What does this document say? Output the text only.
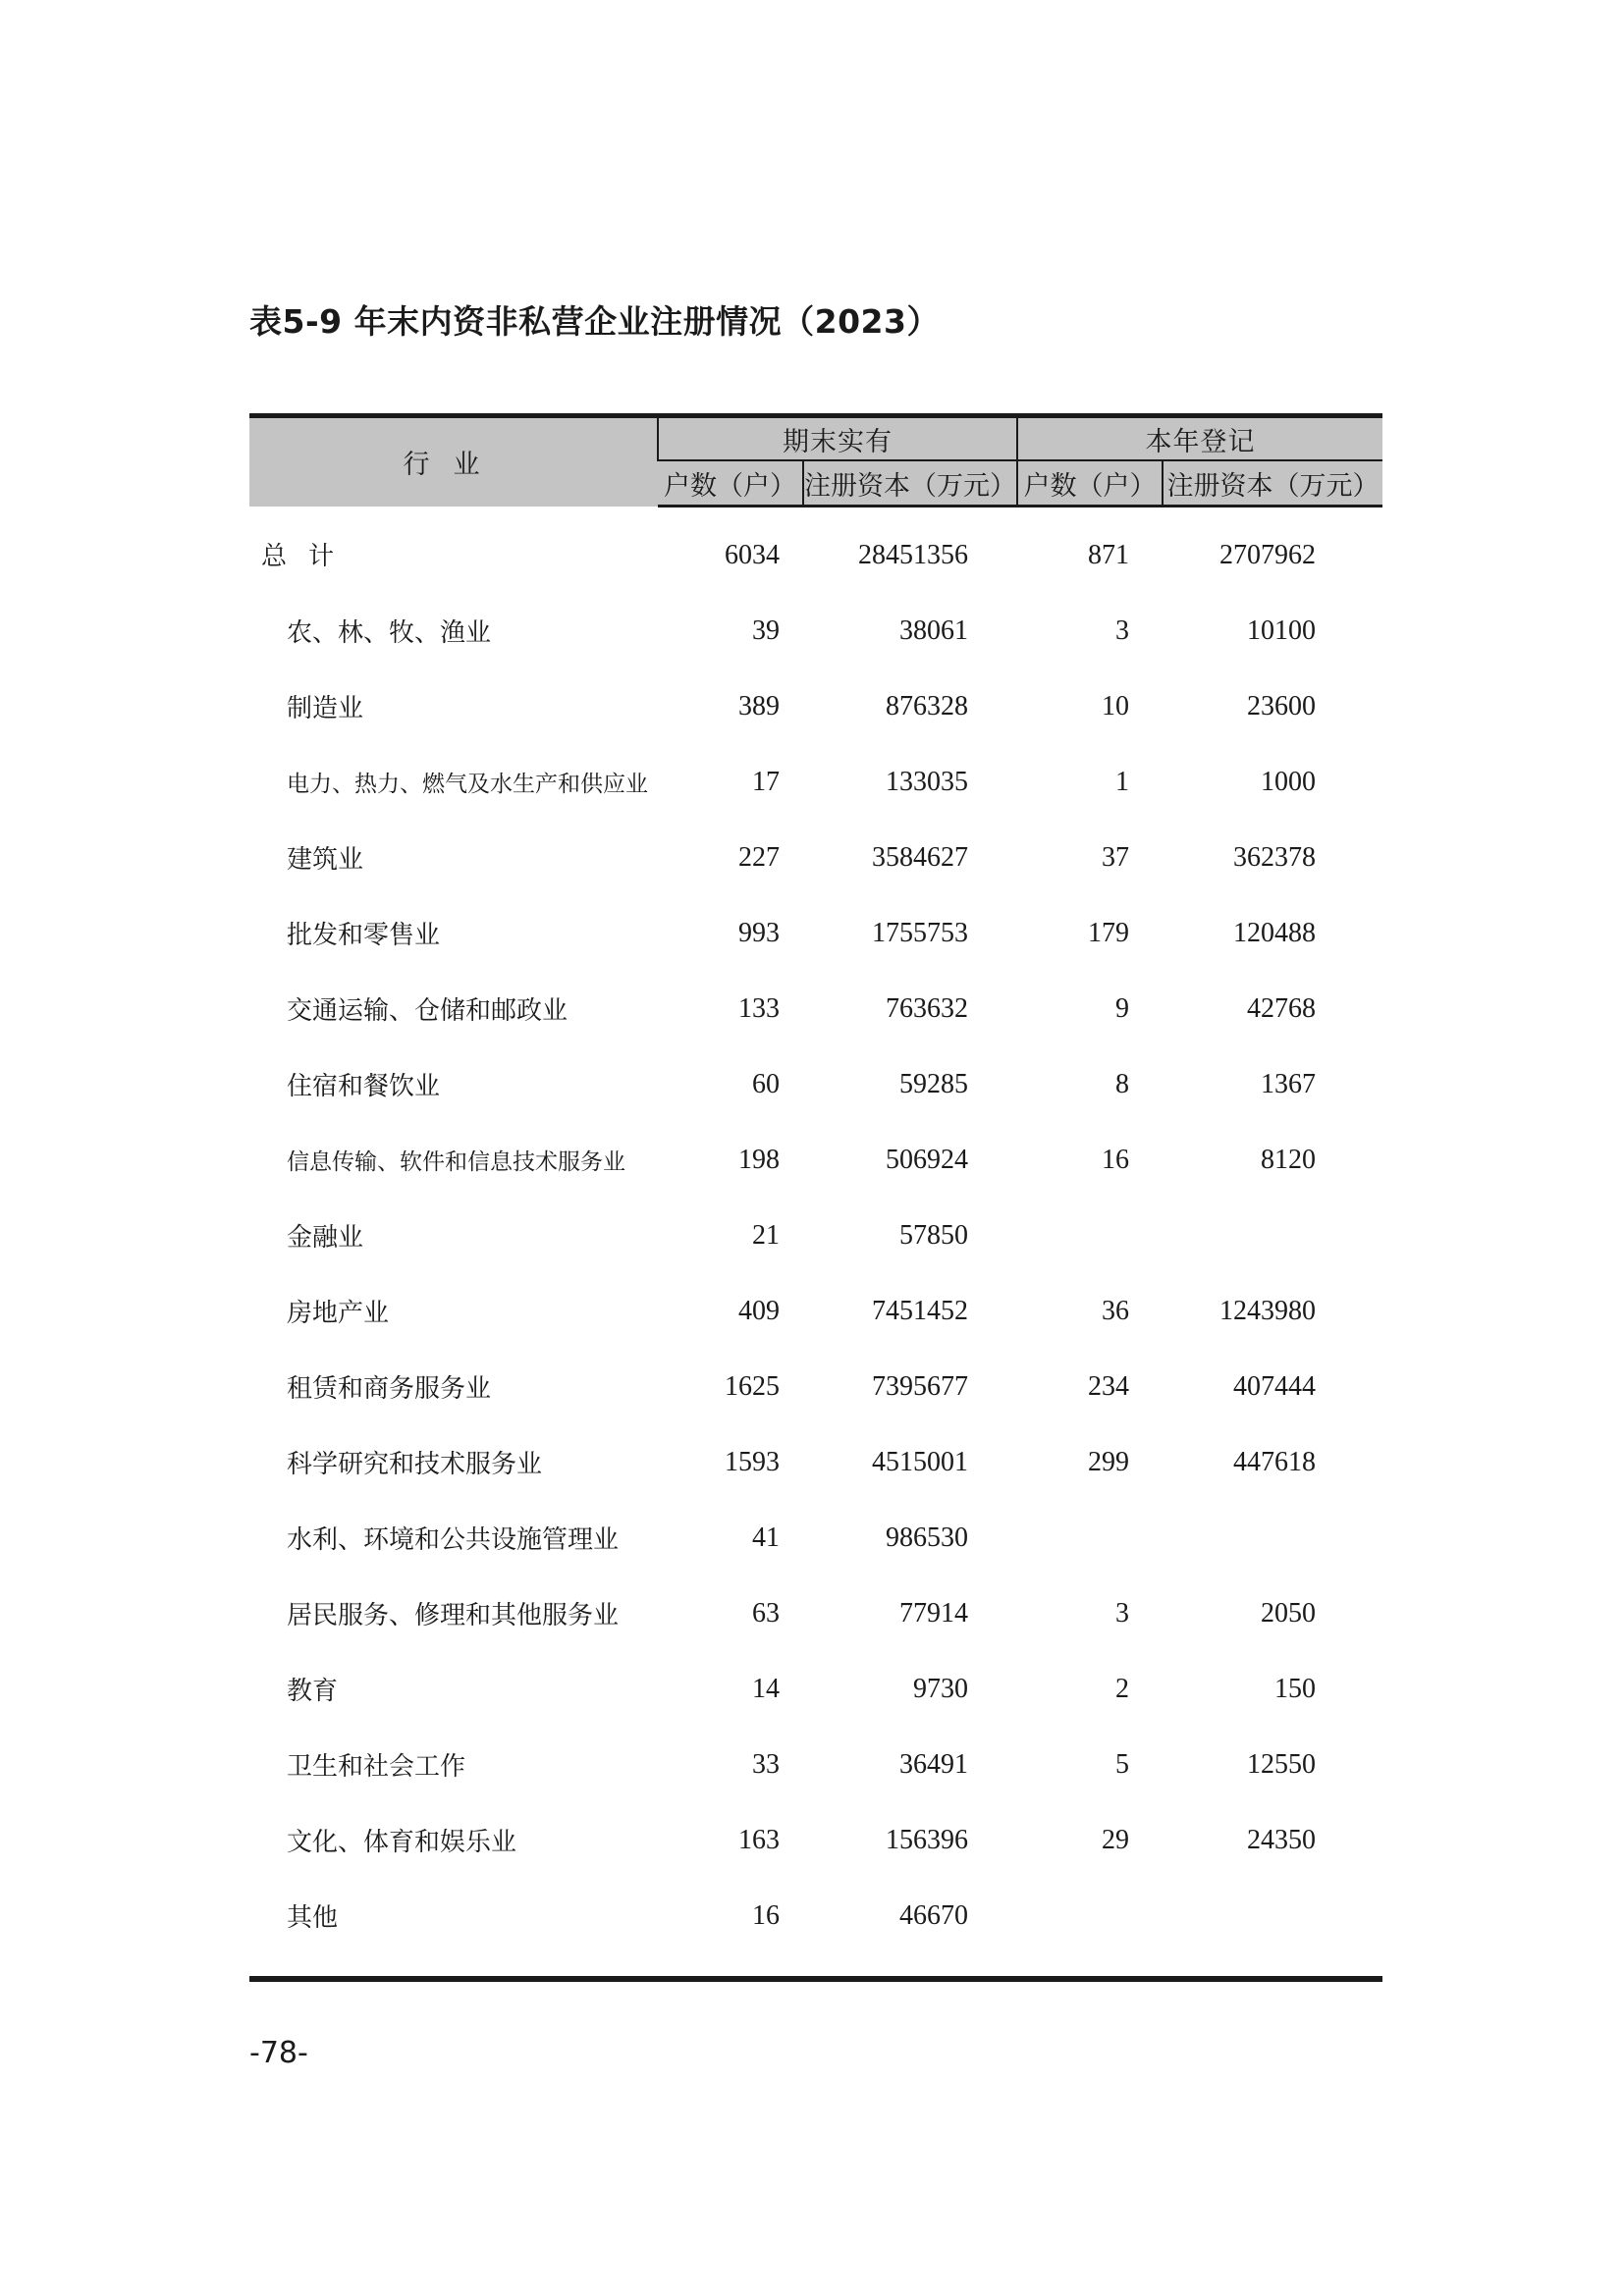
表5-9 年末内资非私营企业注册情况（2023）
行业	期末实有		本年登记	
	户数（户）	注册资本（万元）	户数（户）	注册资本（万元）
总计	6034	28451356	871	2707962
农、林、牧、渔业	39	38061	3	10100
制造业	389	876328	10	23600
电力、热力、燃气及水生产和供应业	17	133035	1	1000
建筑业	227	3584627	37	362378
批发和零售业	993	1755753	179	120488
交通运输、仓储和邮政业	133	763632	9	42768
住宿和餐饮业	60	59285	8	1367
信息传输、软件和信息技术服务业	198	506924	16	8120
金融业	21	57850		
房地产业	409	7451452	36	1243980
租赁和商务服务业	1625	7395677	234	407444
科学研究和技术服务业	1593	4515001	299	447618
水利、环境和公共设施管理业	41	986530		
居民服务、修理和其他服务业	63	77914	3	2050
教育	14	9730	2	150
卫生和社会工作	33	36491	5	12550
文化、体育和娱乐业	163	156396	29	24350
其他	16	46670		

-78-
